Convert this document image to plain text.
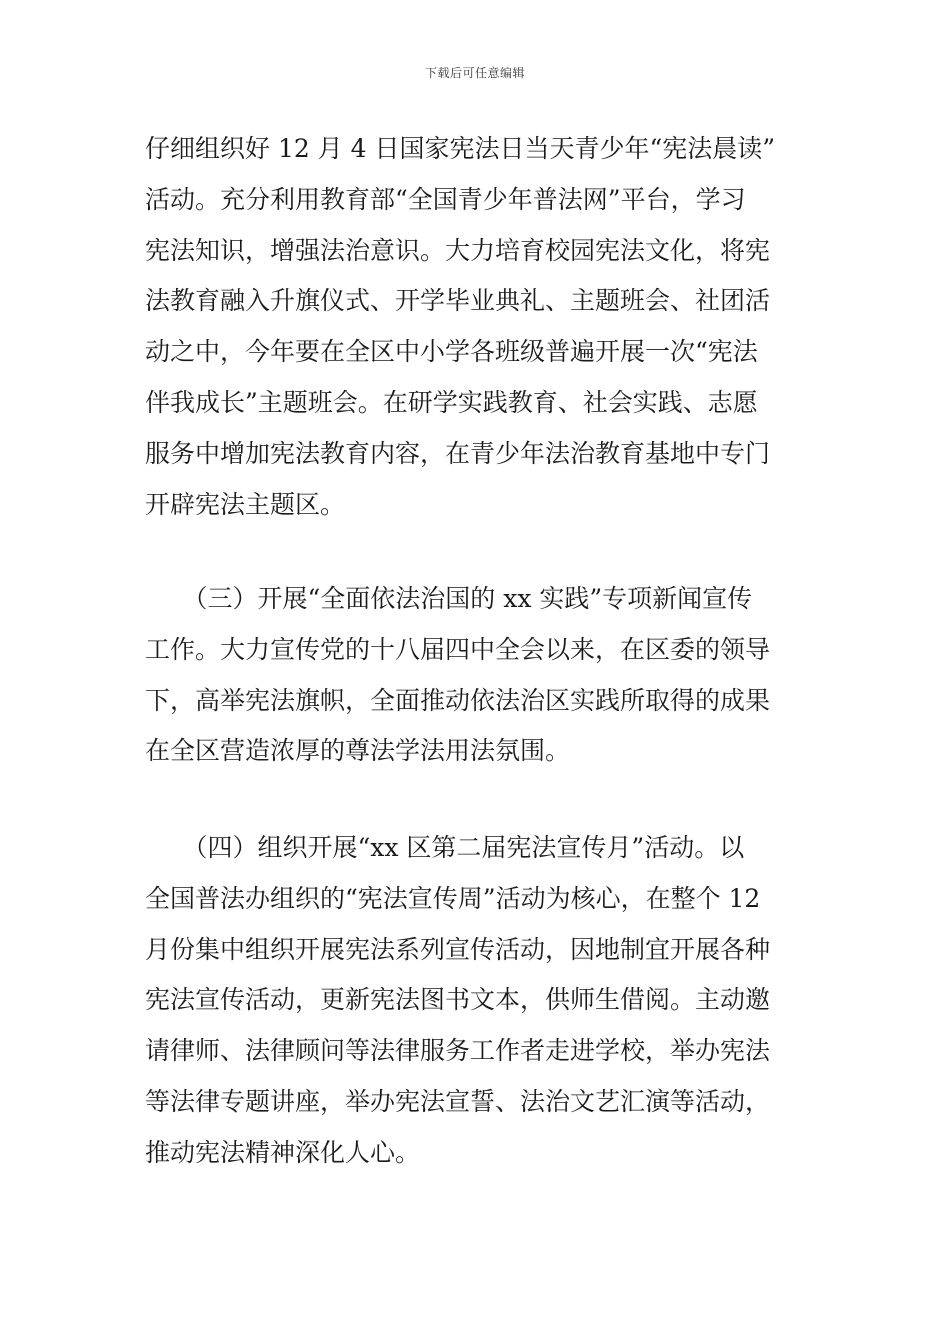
下载后可任意编辑
仔细组织好 12 月 4 日国家宪法日当天青少年“宪法晨读”
活动。充分利用教育部“全国青少年普法网”平台，学习
宪法知识，增强法治意识。大力培育校园宪法文化，将宪
法教育融入升旗仪式、开学毕业典礼、主题班会、社团活
动之中，今年要在全区中小学各班级普遍开展一次“宪法
伴我成长”主题班会。在研学实践教育、社会实践、志愿
服务中增加宪法教育内容，在青少年法治教育基地中专门
开辟宪法主题区。
　　（三）开展“全面依法治国的 xx 实践”专项新闻宣传
工作。大力宣传党的十八届四中全会以来，在区委的领导
下，高举宪法旗帜，全面推动依法治区实践所取得的成果
在全区营造浓厚的尊法学法用法氛围。
　　（四）组织开展“xx 区第二届宪法宣传月”活动。以
全国普法办组织的“宪法宣传周”活动为核心，在整个 12
月份集中组织开展宪法系列宣传活动，因地制宜开展各种
宪法宣传活动，更新宪法图书文本，供师生借阅。主动邀
请律师、法律顾问等法律服务工作者走进学校，举办宪法
等法律专题讲座，举办宪法宣誓、法治文艺汇演等活动，
推动宪法精神深化人心。
